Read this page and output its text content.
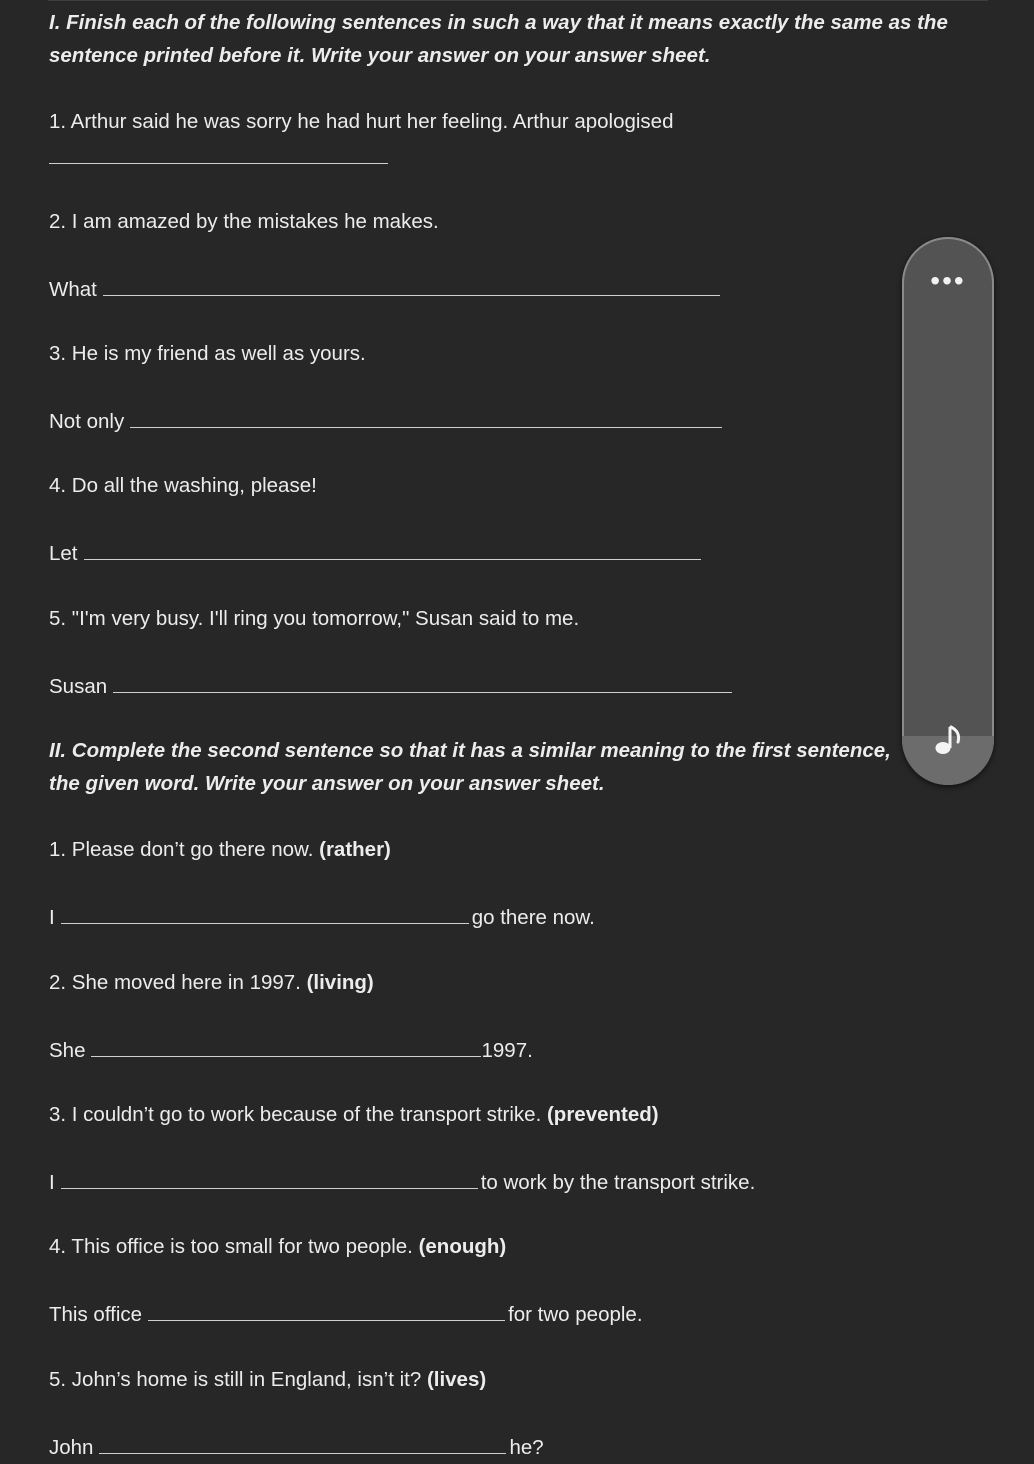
I. Finish each of the following sentences in such a way that it means exactly the same as the
sentence printed before it. Write your answer on your answer sheet.
1. Arthur said he was sorry he had hurt her feeling. Arthur apologised
2. I am amazed by the mistakes he makes.
What
3. He is my friend as well as yours.
Not only
4. Do all the washing, please!
Let
5. "I'm very busy. I'll ring you tomorrow," Susan said to me.
Susan
II. Complete the second sentence so that it has a similar meaning to the first sentence,
the given word. Write your answer on your answer sheet.
1. Please don’t go there now. (rather)
I	go there now.
2. She moved here in 1997. (living)
She	1997.
3. I couldn’t go to work because of the transport strike. (prevented)
I	to work by the transport strike.
4. This office is too small for two people. (enough)
This office	for two people.
5. John’s home is still in England, isn’t it? (lives)
John	he?
•••
